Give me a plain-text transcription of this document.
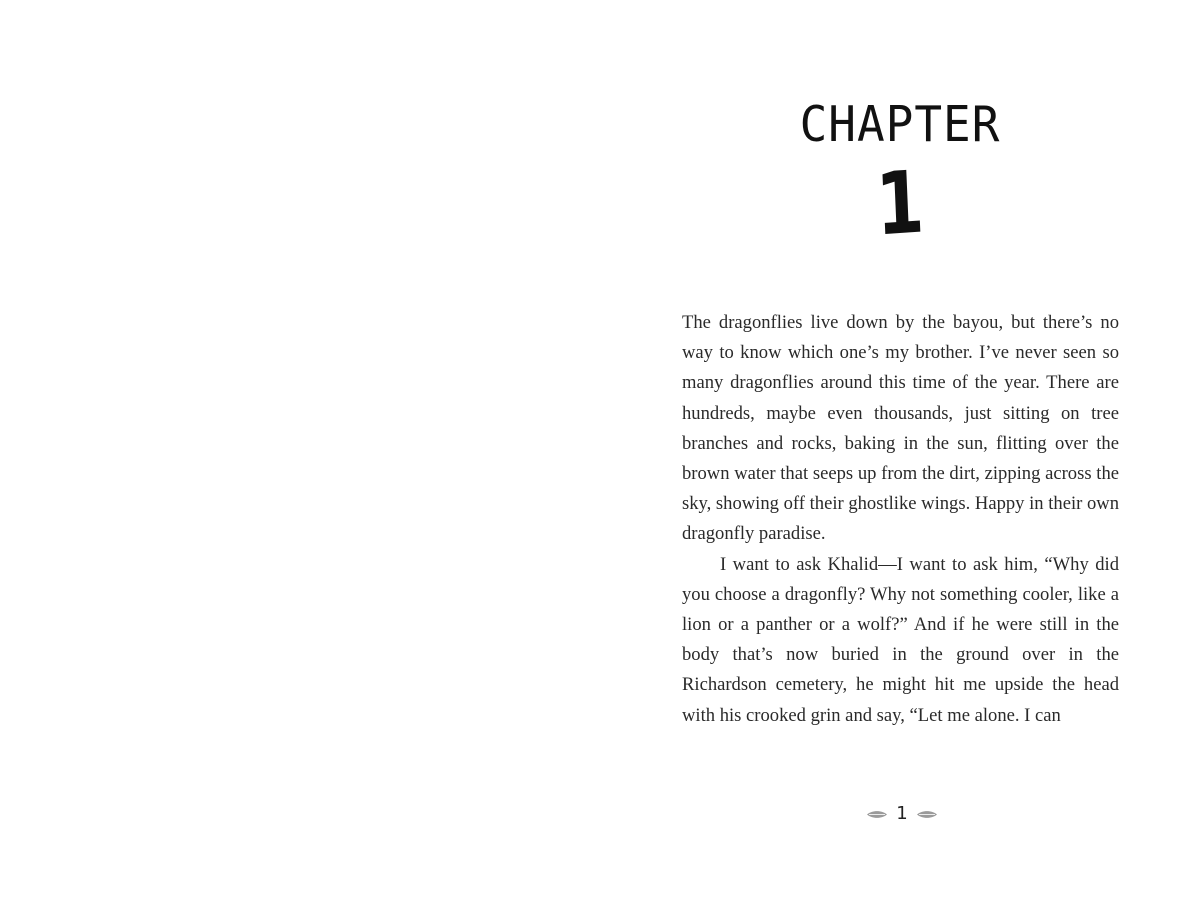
CHAPTER
1

The dragonflies live down by the bayou, but there’s no way to know which one’s my brother. I’ve never seen so many dragonflies around this time of the year. There are hundreds, maybe even thousands, just sitting on tree branches and rocks, baking in the sun, flitting over the brown water that seeps up from the dirt, zipping across the sky, showing off their ghostlike wings. Happy in their own dragonfly paradise.

I want to ask Khalid—I want to ask him, “Why did you choose a dragonfly? Why not something cooler, like a lion or a panther or a wolf?” And if he were still in the body that’s now buried in the ground over in the Richardson cemetery, he might hit me upside the head with his crooked grin and say, “Let me alone. I can

1
